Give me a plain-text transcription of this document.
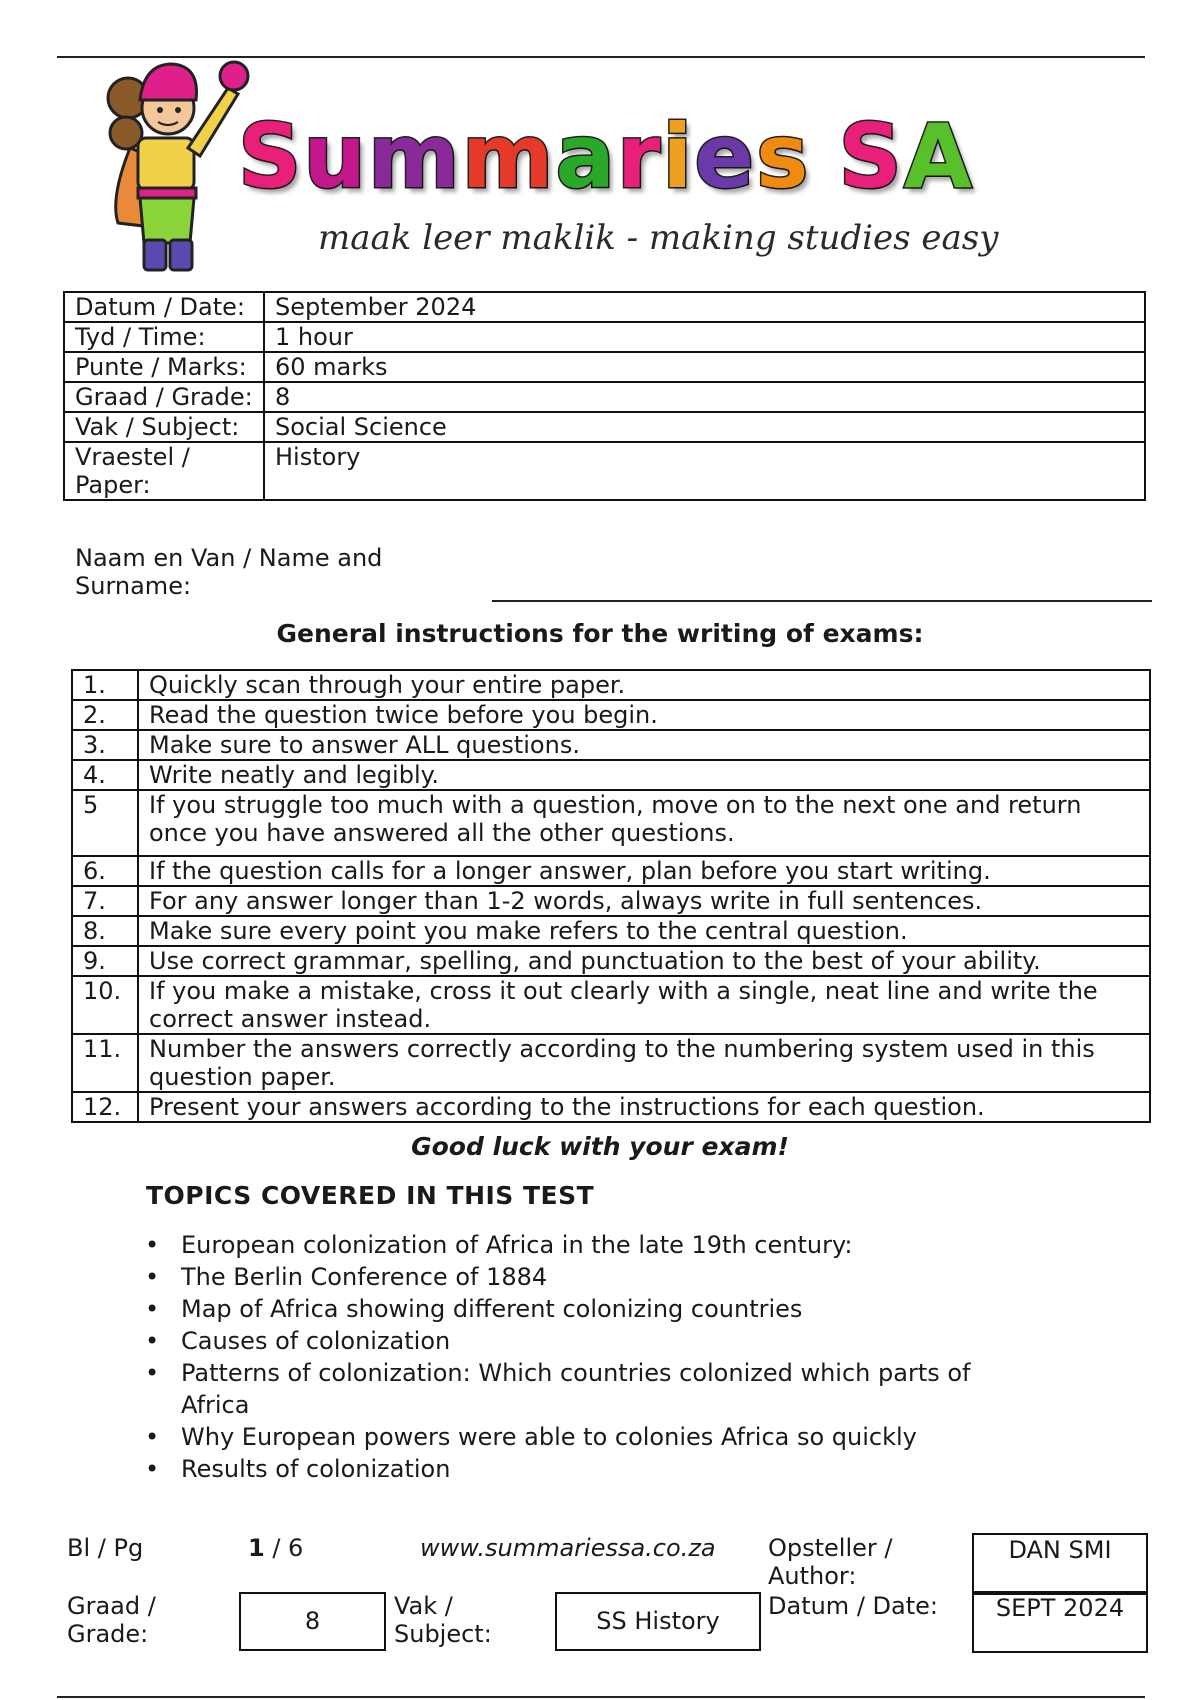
Summaries SA
maak leer maklik - making studies easy
Datum / Date:	September 2024
Tyd / Time:	1 hour
Punte / Marks:	60 marks
Graad / Grade:	8
Vak / Subject:	Social Science
Vraestel / Paper:	History
Naam en Van / Name and Surname:
General instructions for the writing of exams:
1.	Quickly scan through your entire paper.
2.	Read the question twice before you begin.
3.	Make sure to answer ALL questions.
4.	Write neatly and legibly.
5	If you struggle too much with a question, move on to the next one and return once you have answered all the other questions.
6.	If the question calls for a longer answer, plan before you start writing.
7.	For any answer longer than 1-2 words, always write in full sentences.
8.	Make sure every point you make refers to the central question.
9.	Use correct grammar, spelling, and punctuation to the best of your ability.
10.	If you make a mistake, cross it out clearly with a single, neat line and write the correct answer instead.
11.	Number the answers correctly according to the numbering system used in this question paper.
12.	Present your answers according to the instructions for each question.
Good luck with your exam!
TOPICS COVERED IN THIS TEST
• European colonization of Africa in the late 19th century:
• The Berlin Conference of 1884
• Map of Africa showing different colonizing countries
• Causes of colonization
• Patterns of colonization: Which countries colonized which parts of Africa
• Why European powers were able to colonies Africa so quickly
• Results of colonization
Bl / Pg	1 / 6	www.summariessa.co.za Opsteller / Author:
DAN SMI
Graad / Grade:	8
Vak / Subject:	SS History
Datum / Date:	SEPT 2024
